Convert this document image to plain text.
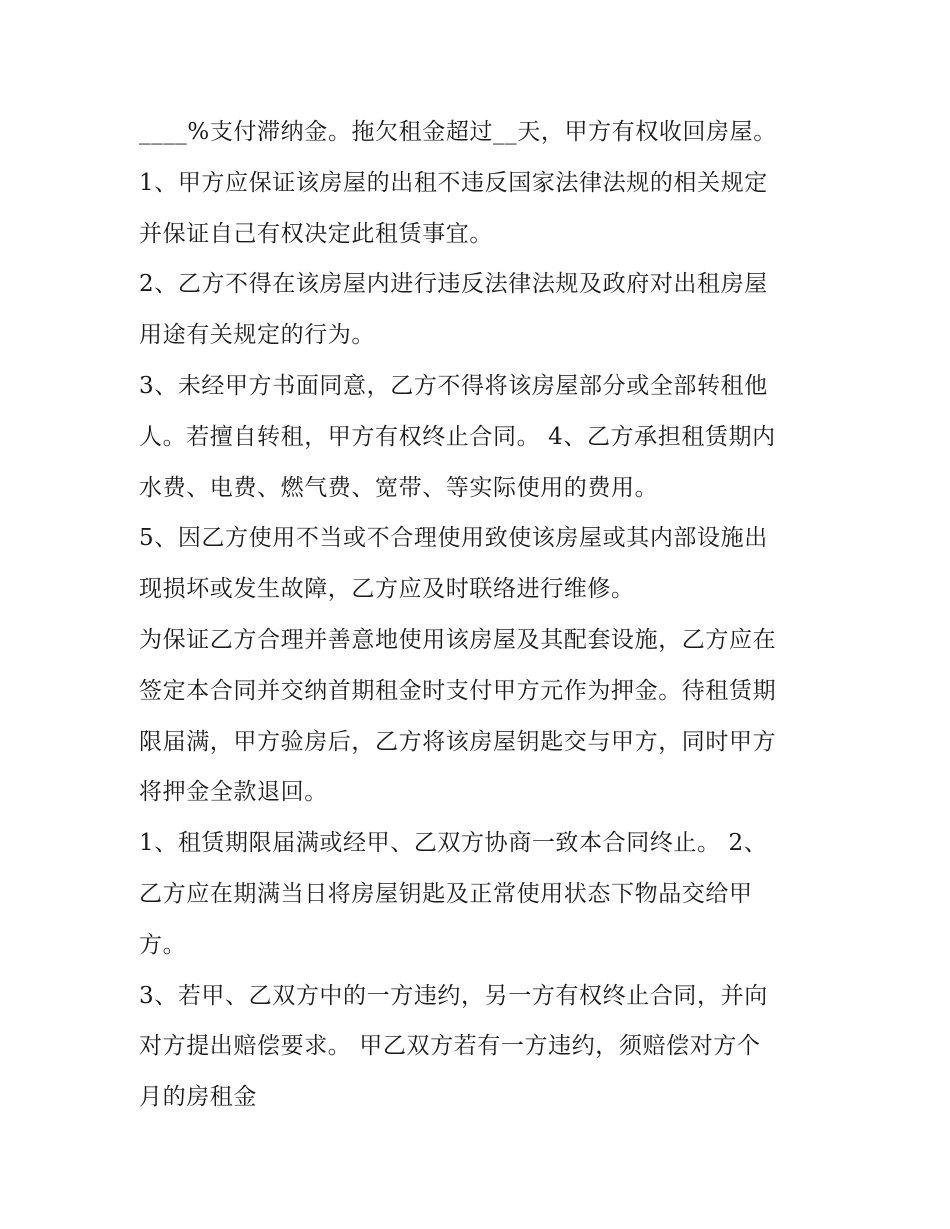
____%支付滞纳金。拖欠租金超过__天，甲方有权收回房屋。
1、甲方应保证该房屋的出租不违反国家法律法规的相关规定
并保证自己有权决定此租赁事宜。
2、乙方不得在该房屋内进行违反法律法规及政府对出租房屋
用途有关规定的行为。
3、未经甲方书面同意，乙方不得将该房屋部分或全部转租他
人。若擅自转租，甲方有权终止合同。 4、乙方承担租赁期内
水费、电费、燃气费、宽带、等实际使用的费用。
5、因乙方使用不当或不合理使用致使该房屋或其内部设施出
现损坏或发生故障，乙方应及时联络进行维修。
为保证乙方合理并善意地使用该房屋及其配套设施，乙方应在
签定本合同并交纳首期租金时支付甲方元作为押金。待租赁期
限届满，甲方验房后，乙方将该房屋钥匙交与甲方，同时甲方
将押金全款退回。
1、租赁期限届满或经甲、乙双方协商一致本合同终止。 2、
乙方应在期满当日将房屋钥匙及正常使用状态下物品交给甲
方。
3、若甲、乙双方中的一方违约，另一方有权终止合同，并向
对方提出赔偿要求。 甲乙双方若有一方违约，须赔偿对方个
月的房租金
